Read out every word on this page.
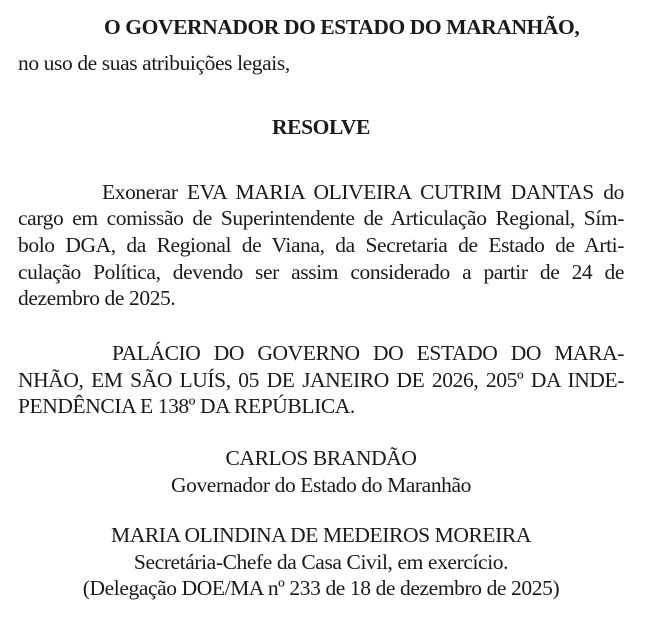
O GOVERNADOR DO ESTADO DO MARANHÃO,
no uso de suas atribuições legais,
RESOLVE
Exonerar EVA MARIA OLIVEIRA CUTRIM DANTAS do
cargo em comissão de Superintendente de Articulação Regional, Sím-
bolo DGA, da Regional de Viana, da Secretaria de Estado de Arti-
culação Política, devendo ser assim considerado a partir de 24 de
dezembro de 2025.
PALÁCIO DO GOVERNO DO ESTADO DO MARA-
NHÃO, EM SÃO LUÍS, 05 DE JANEIRO DE 2026, 205º DA INDE-
PENDÊNCIA E 138º DA REPÚBLICA.
CARLOS BRANDÃO
Governador do Estado do Maranhão
MARIA OLINDINA DE MEDEIROS MOREIRA
Secretária-Chefe da Casa Civil, em exercício.
(Delegação DOE/MA nº 233 de 18 de dezembro de 2025)
